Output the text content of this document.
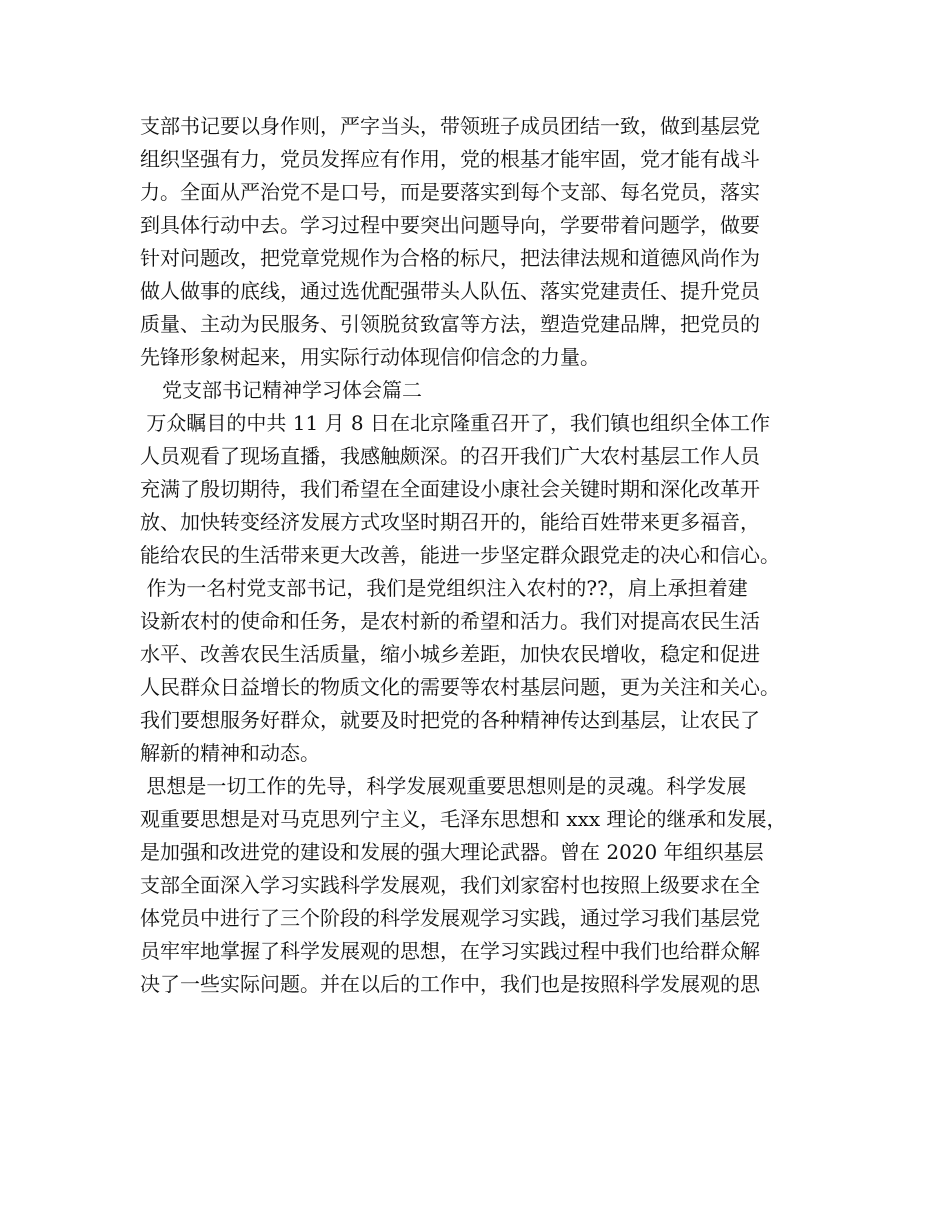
支部书记要以身作则，严字当头，带领班子成员团结一致，做到基层党
组织坚强有力，党员发挥应有作用，党的根基才能牢固，党才能有战斗
力。全面从严治党不是口号，而是要落实到每个支部、每名党员，落实
到具体行动中去。学习过程中要突出问题导向，学要带着问题学，做要
针对问题改，把党章党规作为合格的标尺，把法律法规和道德风尚作为
做人做事的底线，通过选优配强带头人队伍、落实党建责任、提升党员
质量、主动为民服务、引领脱贫致富等方法，塑造党建品牌，把党员的
先锋形象树起来，用实际行动体现信仰信念的力量。
党支部书记精神学习体会篇二
万众瞩目的中共 11 月 8 日在北京隆重召开了，我们镇也组织全体工作
人员观看了现场直播，我感触颇深。的召开我们广大农村基层工作人员
充满了殷切期待，我们希望在全面建设小康社会关键时期和深化改革开
放、加快转变经济发展方式攻坚时期召开的，能给百姓带来更多福音，
能给农民的生活带来更大改善，能进一步坚定群众跟党走的决心和信心。
作为一名村党支部书记，我们是党组织注入农村的??，肩上承担着建
设新农村的使命和任务，是农村新的希望和活力。我们对提高农民生活
水平、改善农民生活质量，缩小城乡差距，加快农民增收，稳定和促进
人民群众日益增长的物质文化的需要等农村基层问题，更为关注和关心。
我们要想服务好群众，就要及时把党的各种精神传达到基层，让农民了
解新的精神和动态。
思想是一切工作的先导，科学发展观重要思想则是的灵魂。科学发展
观重要思想是对马克思列宁主义，毛泽东思想和 xxx 理论的继承和发展，
是加强和改进党的建设和发展的强大理论武器。曾在 2020 年组织基层
支部全面深入学习实践科学发展观，我们刘家窑村也按照上级要求在全
体党员中进行了三个阶段的科学发展观学习实践，通过学习我们基层党
员牢牢地掌握了科学发展观的思想，在学习实践过程中我们也给群众解
决了一些实际问题。并在以后的工作中，我们也是按照科学发展观的思
